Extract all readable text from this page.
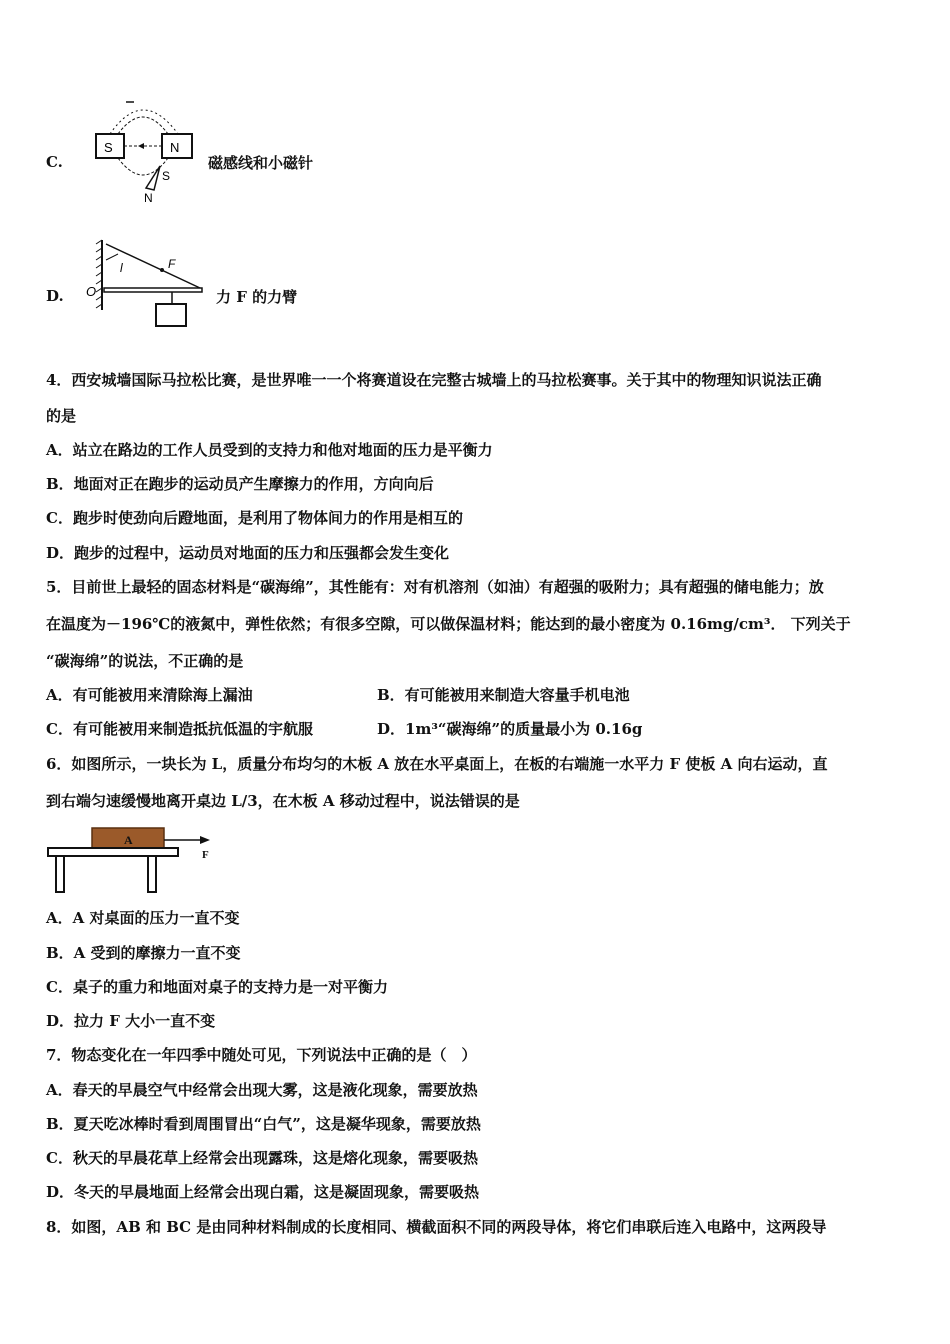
C.
S	N
S
N
磁感线和小磁针
D. O
l	F
力 F 的力臂
4．西安城墙国际马拉松比赛，是世界唯一一个将赛道设在完整古城墙上的马拉松赛事。关于其中的物理知识说法正确
的是
A．站立在路边的工作人员受到的支持力和他对地面的压力是平衡力
B．地面对正在跑步的运动员产生摩擦力的作用，方向向后
C．跑步时使劲向后蹬地面，是利用了物体间力的作用是相互的
D．跑步的过程中，运动员对地面的压力和压强都会发生变化
5．目前世上最轻的固态材料是“碳海绵”，其性能有：对有机溶剂（如油）有超强的吸附力；具有超强的储电能力；放
在温度为－196℃的液氮中，弹性依然；有很多空隙，可以做保温材料；能达到的最小密度为 0.16mg/cm³． 下列关于
“碳海绵”的说法，不正确的是
A．有可能被用来清除海上漏油	B．有可能被用来制造大容量手机电池
C．有可能被用来制造抵抗低温的宇航服	D．1m³“碳海绵”的质量最小为 0.16g
6．如图所示，一块长为 L，质量分布均匀的木板 A 放在水平桌面上，在板的右端施一水平力 F 使板 A 向右运动，直
到右端匀速缓慢地离开桌边 L/3，在木板 A 移动过程中，说法错误的是
A
F
A．A 对桌面的压力一直不变
B．A 受到的摩擦力一直不变
C．桌子的重力和地面对桌子的支持力是一对平衡力
D．拉力 F 大小一直不变
7．物态变化在一年四季中随处可见，下列说法中正确的是（　）
A．春天的早晨空气中经常会出现大雾，这是液化现象，需要放热
B．夏天吃冰棒时看到周围冒出“白气”，这是凝华现象，需要放热
C．秋天的早晨花草上经常会出现露珠，这是熔化现象，需要吸热
D．冬天的早晨地面上经常会出现白霜，这是凝固现象，需要吸热
8．如图，AB 和 BC 是由同种材料制成的长度相同、横截面积不同的两段导体，将它们串联后连入电路中，这两段导
